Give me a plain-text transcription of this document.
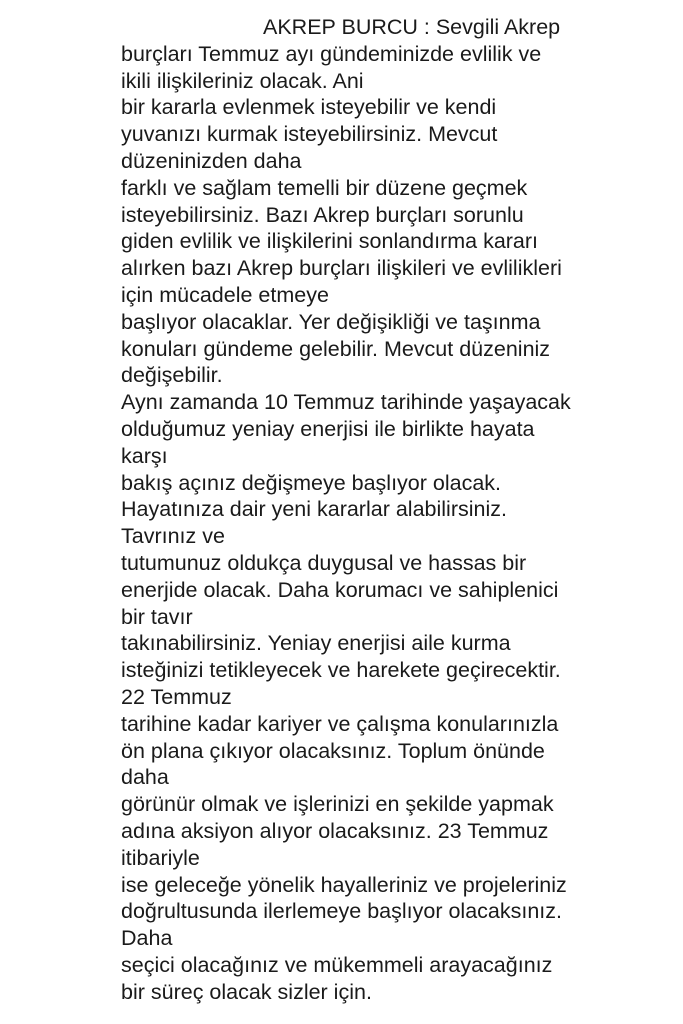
AKREP BURCU : Sevgili Akrep
burçları Temmuz ayı gündeminizde evlilik ve
ikili ilişkileriniz olacak. Ani
bir kararla evlenmek isteyebilir ve kendi
yuvanızı kurmak isteyebilirsiniz. Mevcut
düzeninizden daha
farklı ve sağlam temelli bir düzene geçmek
isteyebilirsiniz. Bazı Akrep burçları sorunlu
giden evlilik ve ilişkilerini sonlandırma kararı
alırken bazı Akrep burçları ilişkileri ve evlilikleri
için mücadele etmeye
başlıyor olacaklar. Yer değişikliği ve taşınma
konuları gündeme gelebilir. Mevcut düzeniniz
değişebilir.
Aynı zamanda 10 Temmuz tarihinde yaşayacak
olduğumuz yeniay enerjisi ile birlikte hayata
karşı
bakış açınız değişmeye başlıyor olacak.
Hayatınıza dair yeni kararlar alabilirsiniz.
Tavrınız ve
tutumunuz oldukça duygusal ve hassas bir
enerjide olacak. Daha korumacı ve sahiplenici
bir tavır
takınabilirsiniz. Yeniay enerjisi aile kurma
isteğinizi tetikleyecek ve harekete geçirecektir.
22 Temmuz
tarihine kadar kariyer ve çalışma konularınızla
ön plana çıkıyor olacaksınız. Toplum önünde
daha
görünür olmak ve işlerinizi en şekilde yapmak
adına aksiyon alıyor olacaksınız. 23 Temmuz
itibariyle
ise geleceğe yönelik hayalleriniz ve projeleriniz
doğrultusunda ilerlemeye başlıyor olacaksınız.
Daha
seçici olacağınız ve mükemmeli arayacağınız
bir süreç olacak sizler için.
